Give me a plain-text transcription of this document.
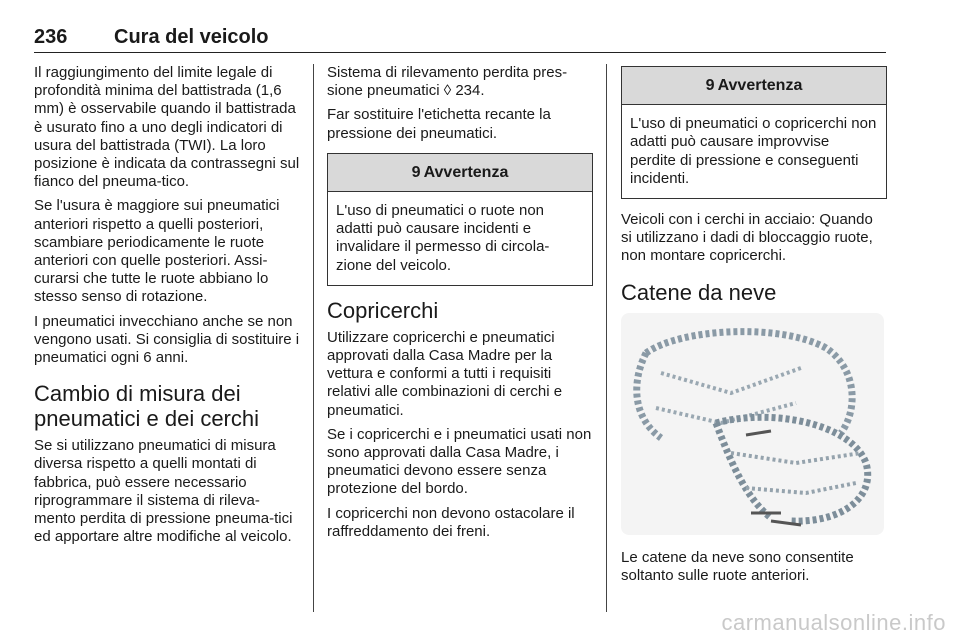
236 Cura del veicolo

Il raggiungimento del limite legale di profondità minima del battistrada (1,6 mm) è osservabile quando il battistrada è usurato fino a uno degli indicatori di usura del battistrada (TWI). La loro posizione è indicata da contrassegni sul fianco del pneuma-tico.

Se l'usura è maggiore sui pneumatici anteriori rispetto a quelli posteriori, scambiare periodicamente le ruote anteriori con quelle posteriori. Assi-curarsi che tutte le ruote abbiano lo stesso senso di rotazione.

I pneumatici invecchiano anche se non vengono usati. Si consiglia di sostituire i pneumatici ogni 6 anni.

Cambio di misura dei pneumatici e dei cerchi

Se si utilizzano pneumatici di misura diversa rispetto a quelli montati di fabbrica, può essere necessario riprogrammare il sistema di rileva-mento perdita di pressione pneuma-tici ed apportare altre modifiche al veicolo.

Sistema di rilevamento perdita pres-sione pneumatici ◊ 234.

Far sostituire l'etichetta recante la pressione dei pneumatici.

9 Avvertenza
L'uso di pneumatici o ruote non adatti può causare incidenti e invalidare il permesso di circola-zione del veicolo.
Copricerchi

Utilizzare copricerchi e pneumatici approvati dalla Casa Madre per la vettura e conformi a tutti i requisiti relativi alle combinazioni di cerchi e pneumatici.

Se i copricerchi e i pneumatici usati non sono approvati dalla Casa Madre, i pneumatici devono essere senza protezione del bordo.

I copricerchi non devono ostacolare il raffreddamento dei freni.

9 Avvertenza
L'uso di pneumatici o copricerchi non adatti può causare improvvise perdite di pressione e conseguenti incidenti.

Veicoli con i cerchi in acciaio: Quando si utilizzano i dadi di bloccaggio ruote, non montare copricerchi.

Catene da neve

Le catene da neve sono consentite soltanto sulle ruote anteriori.

carmanualsonline.info
